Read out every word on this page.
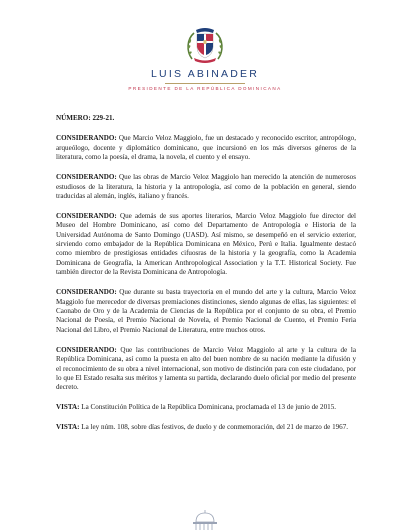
LUIS ABINADER
PRESIDENTE DE LA REPÚBLICA DOMINICANA
NÚMERO: 229-21.

CONSIDERANDO: Que Marcio Veloz Maggiolo, fue un destacado y reconocido escritor, antropólogo, arqueólogo, docente y diplomático dominicano, que incursionó en los más diversos géneros de la literatura, como la poesía, el drama, la novela, el cuento y el ensayo.

CONSIDERANDO: Que las obras de Marcio Veloz Maggiolo han merecido la atención de numerosos estudiosos de la literatura, la historia y la antropología, así como de la población en general, siendo traducidas al alemán, inglés, italiano y francés.

CONSIDERANDO: Que además de sus aportes literarios, Marcio Veloz Maggiolo fue director del Museo del Hombre Dominicano, así como del Departamento de Antropología e Historia de la Universidad Autónoma de Santo Domingo (UASD). Así mismo, se desempeñó en el servicio exterior, sirviendo como embajador de la República Dominicana en México, Perú e Italia. Igualmente destacó como miembro de prestigiosas entidades cifuosras de la historia y la geografía, como la Academia Dominicana de Geografía, la American Anthropological Association y la T.T. Historical Society. Fue también director de la Revista Dominicana de Antropología.

CONSIDERANDO: Que durante su basta trayectoria en el mundo del arte y la cultura, Marcio Veloz Maggiolo fue merecedor de diversas premiaciones distinciones, siendo algunas de ellas, las siguientes: el Caonabo de Oro y de la Academia de Ciencias de la República por el conjunto de su obra, el Premio Nacional de Poesía, el Premio Nacional de Novela, el Premio Nacional de Cuento, el Premio Feria Nacional del Libro, el Premio Nacional de Literatura, entre muchos otros.

CONSIDERANDO: Que las contribuciones de Marcio Veloz Maggiolo al arte y la cultura de la República Dominicana, así como la puesta en alto del buen nombre de su nación mediante la difusión y el reconocimiento de su obra a nivel internacional, son motivo de distinción para con este ciudadano, por lo que El Estado resalta sus méritos y lamenta su partida, declarando duelo oficial por medio del presente decreto.

VISTA: La Constitución Política de la República Dominicana, proclamada el 13 de junio de 2015.

VISTA: La ley núm. 108, sobre días festivos, de duelo y de conmemoración, del 21 de marzo de 1967.
